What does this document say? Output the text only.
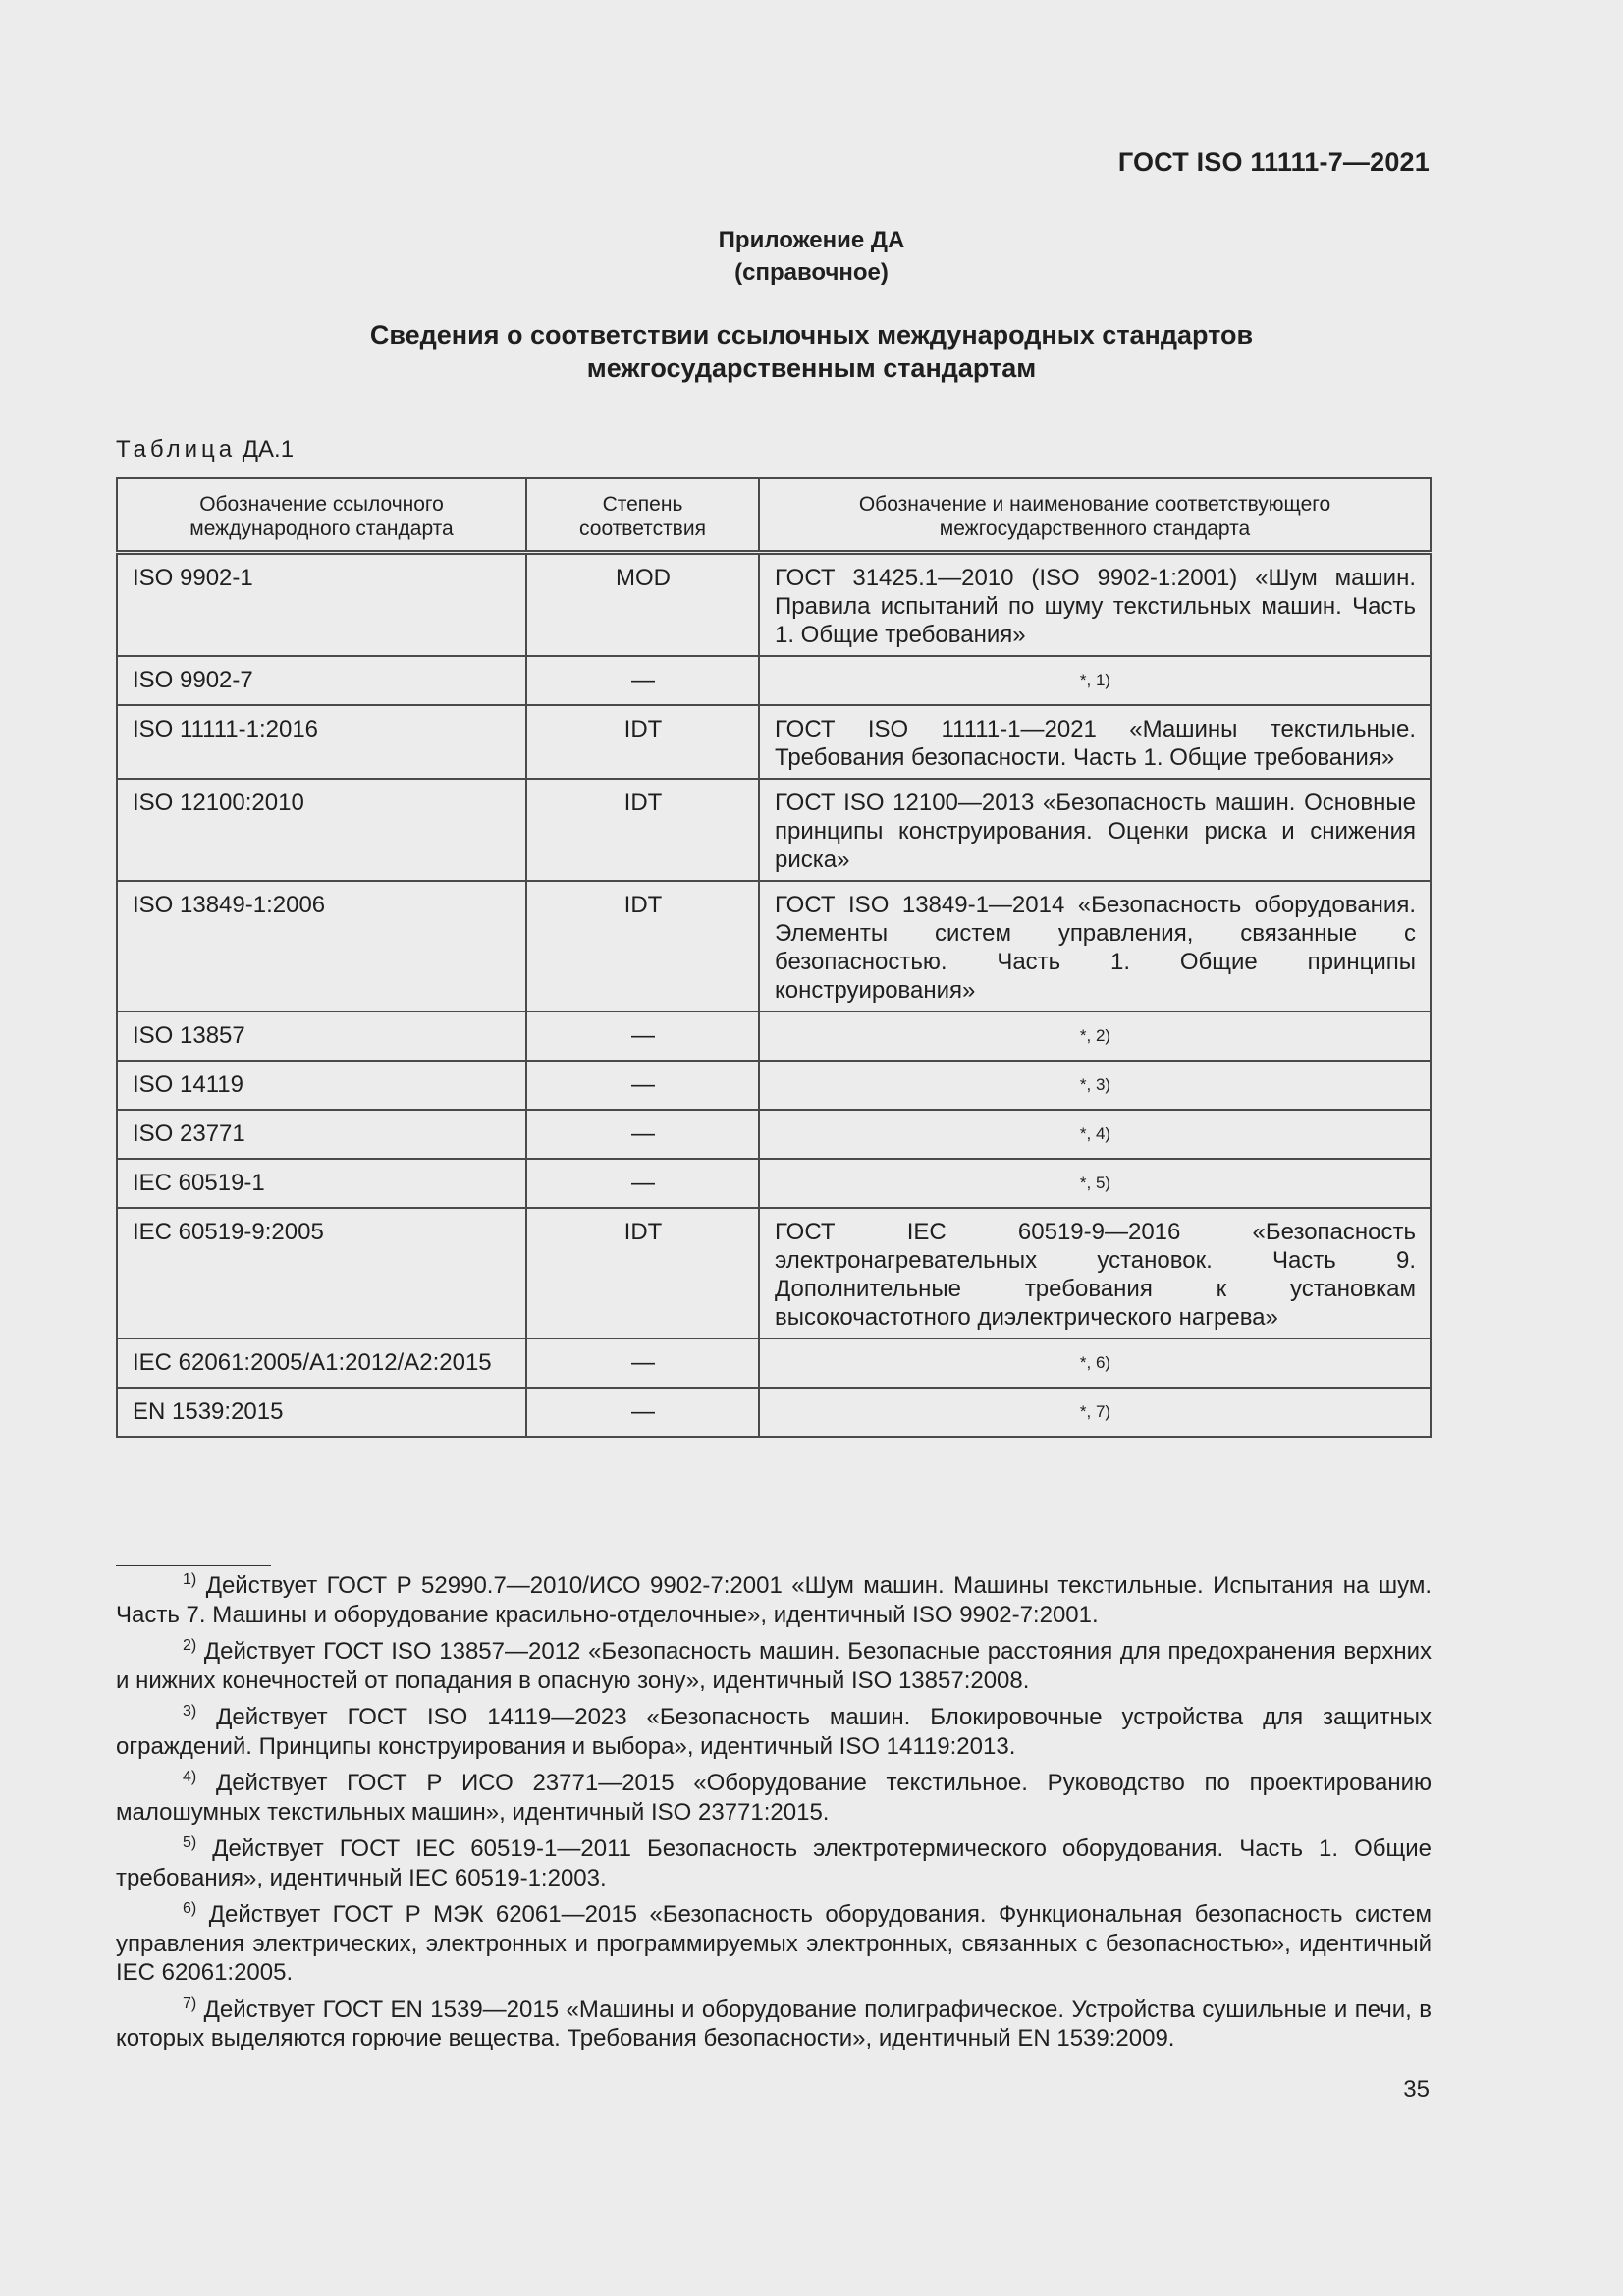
ГОСТ ISO 11111-7—2021
Приложение ДА
(справочное)
Сведения о соответствии ссылочных международных стандартов
межгосударственным стандартам
Таблица ДА.1
Обозначение ссылочного международного стандарта	Степень соответствия	Обозначение и наименование соответствующего межгосударственного стандарта
ISO 9902-1	MOD	ГОСТ 31425.1—2010 (ISO 9902-1:2001) «Шум машин. Правила испытаний по шуму текстильных машин. Часть 1. Общие требования»
ISO 9902-7	—	*, 1)
ISO 11111-1:2016	IDT	ГОСТ ISO 11111-1—2021 «Машины текстильные. Требования безопасности. Часть 1. Общие требования»
ISO 12100:2010	IDT	ГОСТ ISO 12100—2013 «Безопасность машин. Основные принципы конструирования. Оценки риска и снижения риска»
ISO 13849-1:2006	IDT	ГОСТ ISO 13849-1—2014 «Безопасность оборудования. Элементы систем управления, связанные с безопасностью. Часть 1. Общие принципы конструирования»
ISO 13857	—	*, 2)
ISO 14119	—	*, 3)
ISO 23771	—	*, 4)
IEC 60519-1	—	*, 5)
IEC 60519-9:2005	IDT	ГОСТ IEC 60519-9—2016 «Безопасность электронагревательных установок. Часть 9. Дополнительные требования к установкам высокочастотного диэлектрического нагрева»
IEC 62061:2005/A1:2012/A2:2015	—	*, 6)
EN 1539:2015	—	*, 7)
$^{1)}$ Действует ГОСТ Р 52990.7—2010/ИСО 9902-7:2001 «Шум машин. Машины текстильные. Испытания на шум. Часть 7. Машины и оборудование красильно-отделочные», идентичный ISO 9902-7:2001.
$^{2)}$ Действует ГОСТ ISO 13857—2012 «Безопасность машин. Безопасные расстояния для предохранения верхних и нижних конечностей от попадания в опасную зону», идентичный ISO 13857:2008.
$^{3)}$ Действует ГОСТ ISO 14119—2023 «Безопасность машин. Блокировочные устройства для защитных ограждений. Принципы конструирования и выбора», идентичный ISO 14119:2013.
$^{4)}$ Действует ГОСТ Р ИСО 23771—2015 «Оборудование текстильное. Руководство по проектированию малошумных текстильных машин», идентичный ISO 23771:2015.
$^{5)}$ Действует ГОСТ IEC 60519-1—2011 Безопасность электротермического оборудования. Часть 1. Общие требования», идентичный IEC 60519-1:2003.
$^{6)}$ Действует ГОСТ Р МЭК 62061—2015 «Безопасность оборудования. Функциональная безопасность систем управления электрических, электронных и программируемых электронных, связанных с безопасностью», идентичный IEC 62061:2005.
$^{7)}$ Действует ГОСТ EN 1539—2015 «Машины и оборудование полиграфическое. Устройства сушильные и печи, в которых выделяются горючие вещества. Требования безопасности», идентичный EN 1539:2009.
35
